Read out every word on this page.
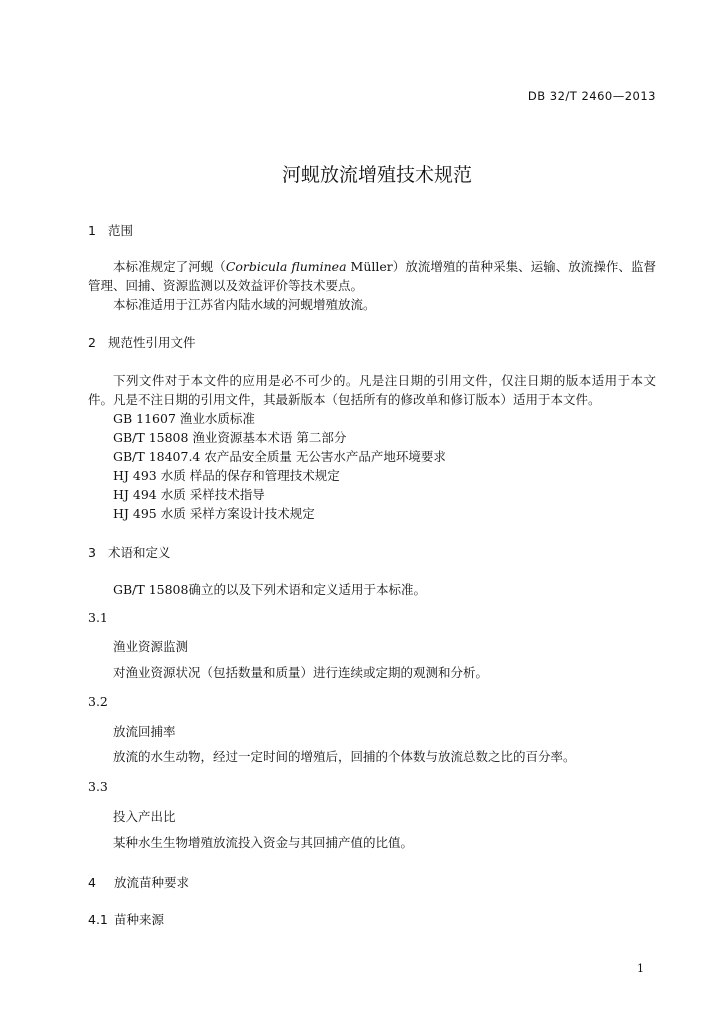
DB 32/T 2460—2013
河蚬放流增殖技术规范
1 范围
本标准规定了河蚬（Corbicula fluminea Müller）放流增殖的苗种采集、运输、放流操作、监督管理、回捕、资源监测以及效益评价等技术要点。
本标准适用于江苏省内陆水域的河蚬增殖放流。
2 规范性引用文件
下列文件对于本文件的应用是必不可少的。凡是注日期的引用文件，仅注日期的版本适用于本文件。凡是不注日期的引用文件，其最新版本（包括所有的修改单和修订版本）适用于本文件。
GB 11607 渔业水质标准
GB/T 15808 渔业资源基本术语 第二部分
GB/T 18407.4 农产品安全质量 无公害水产品产地环境要求
HJ 493 水质 样品的保存和管理技术规定
HJ 494 水质 采样技术指导
HJ 495 水质 采样方案设计技术规定
3 术语和定义
GB/T 15808确立的以及下列术语和定义适用于本标准。
3.1
渔业资源监测
对渔业资源状况（包括数量和质量）进行连续或定期的观测和分析。
3.2
放流回捕率
放流的水生动物，经过一定时间的增殖后，回捕的个体数与放流总数之比的百分率。
3.3
投入产出比
某种水生生物增殖放流投入资金与其回捕产值的比值。
4 放流苗种要求
4.1 苗种来源
1
